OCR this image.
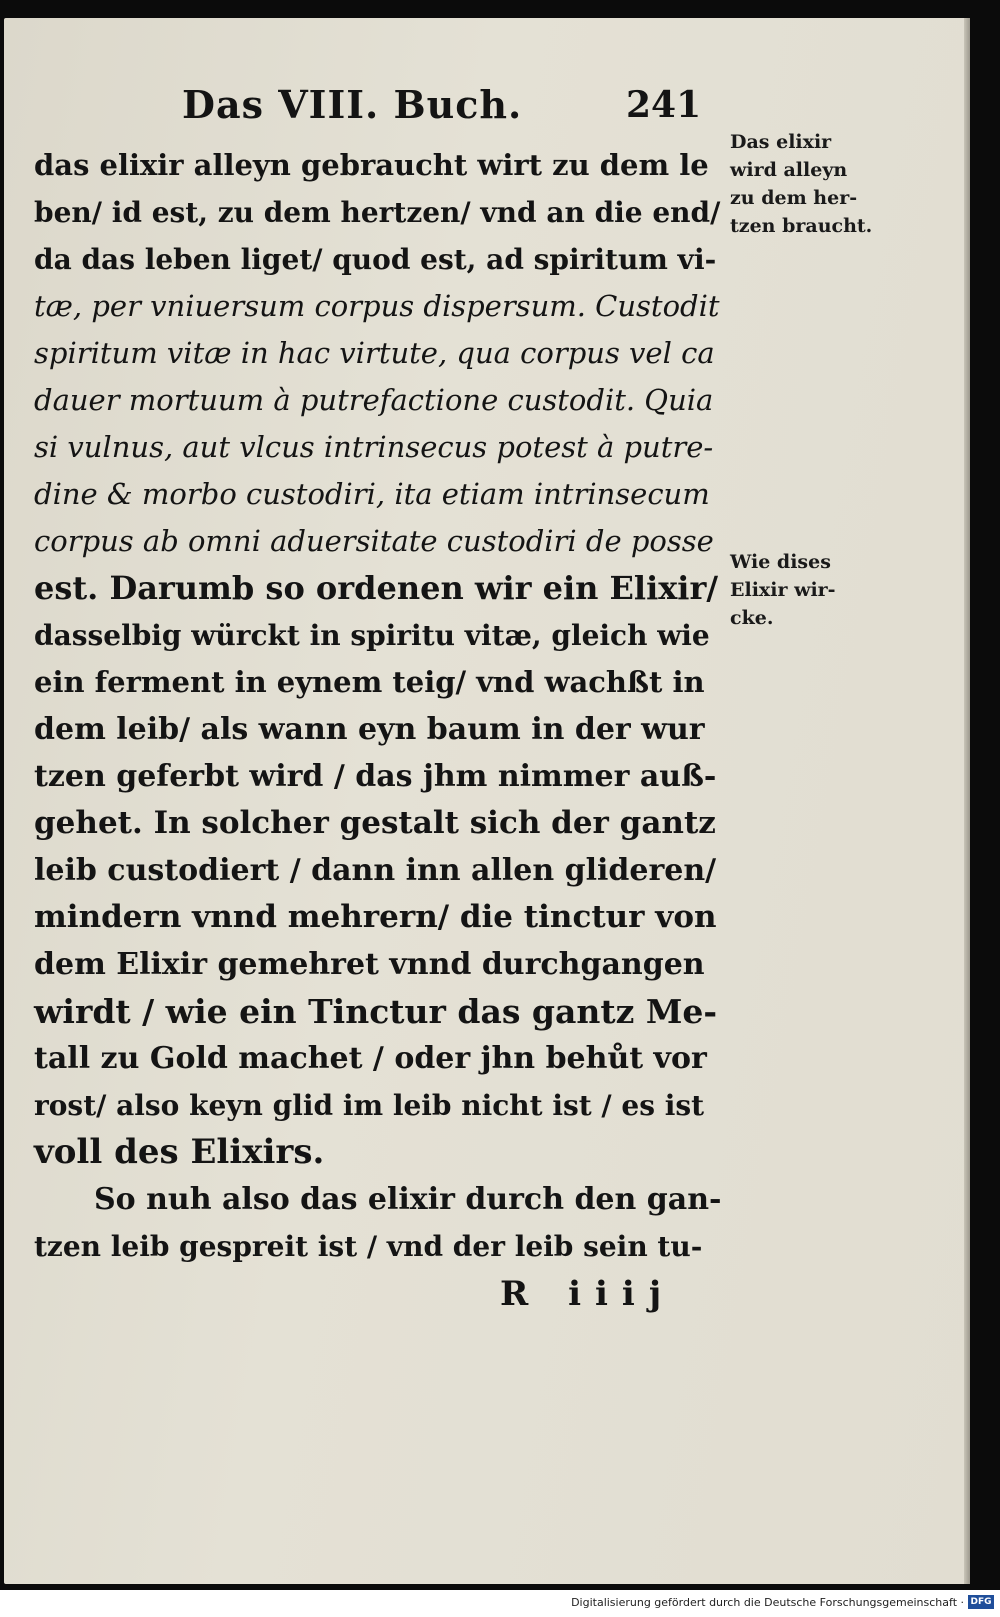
Das VIII. Buch.	241
das elixir alleyn gebraucht wirt zu dem le
ben/ id est, zu dem hertzen/ vnd an die end/
da das leben liget/ quod est, ad spiritum vi-
tæ, per vniuersum corpus dispersum. Custodit
spiritum vitæ in hac virtute, qua corpus vel ca
dauer mortuum à putrefactione custodit. Quia
si vulnus, aut vlcus intrinsecus potest à putre-
dine & morbo custodiri, ita etiam intrinsecum
corpus ab omni aduersitate custodiri de posse
est. Darumb so ordenen wir ein Elixir/
dasselbig würckt in spiritu vitæ, gleich wie
ein ferment in eynem teig/ vnd wachßt in
dem leib/ als wann eyn baum in der wur
tzen geferbt wird / das jhm nimmer auß-
gehet. In solcher gestalt sich der gantz
leib custodiert / dann inn allen glideren/
mindern vnnd mehrern/ die tinctur von
dem Elixir gemehret vnnd durchgangen
wirdt / wie ein Tinctur das gantz Me-
tall zu Gold machet / oder jhn behůt vor
rost/ also keyn glid im leib nicht ist / es ist
voll des Elixirs.
So nuh also das elixir durch den gan-
tzen leib gespreit ist / vnd der leib sein tu-
Das elixir
wird alleyn
zu dem her-
tzen braucht.
Wie dises
Elixir wir-
cke.
R iiij
Digitalisierung gefördert durch die Deutsche Forschungsgemeinschaft · DFG
